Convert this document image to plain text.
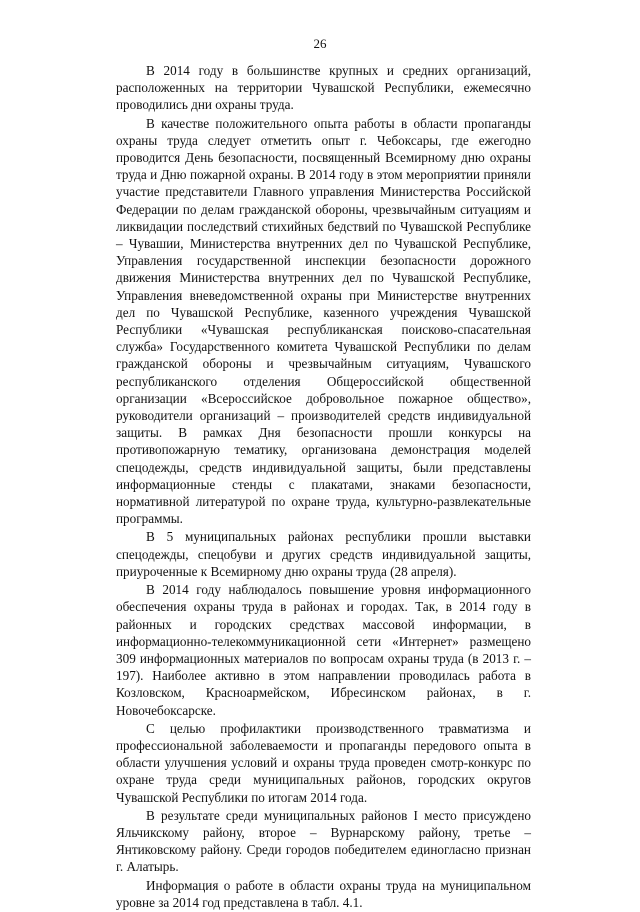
26

В 2014 году в большинстве крупных и средних организаций, расположенных на территории Чувашской Республики, ежемесячно проводились дни охраны труда.

В качестве положительного опыта работы в области пропаганды охраны труда следует отметить опыт г. Чебоксары, где ежегодно проводится День безопасности, посвященный Всемирному дню охраны труда и Дню пожарной охраны. В 2014 году в этом мероприятии приняли участие представители Главного управления Министерства Российской Федерации по делам гражданской обороны, чрезвычайным ситуациям и ликвидации последствий стихийных бедствий по Чувашской Республике – Чувашии, Министерства внутренних дел по Чувашской Республике, Управления государственной инспекции безопасности дорожного движения Министерства внутренних дел по Чувашской Республике, Управления вневедомственной охраны при Министерстве внутренних дел по Чувашской Республике, казенного учреждения Чувашской Республики «Чувашская республиканская поисково-спасательная служба» Государственного комитета Чувашской Республики по делам гражданской обороны и чрезвычайным ситуациям, Чувашского республиканского отделения Общероссийской общественной организации «Всероссийское добровольное пожарное общество», руководители организаций – производителей средств индивидуальной защиты. В рамках Дня безопасности прошли конкурсы на противопожарную тематику, организована демонстрация моделей спецодежды, средств индивидуальной защиты, были представлены информационные стенды с плакатами, знаками безопасности, нормативной литературой по охране труда, культурно-развлекательные программы.

В 5 муниципальных районах республики прошли выставки спецодежды, спецобуви и других средств индивидуальной защиты, приуроченные к Всемирному дню охраны труда (28 апреля).

В 2014 году наблюдалось повышение уровня информационного обеспечения охраны труда в районах и городах. Так, в 2014 году в районных и городских средствах массовой информации, в информационно-телекоммуникационной сети «Интернет» размещено 309 информационных материалов по вопросам охраны труда (в 2013 г. – 197). Наиболее активно в этом направлении проводилась работа в Козловском, Красноармейском, Ибресинском районах, в г. Новочебоксарске.

С целью профилактики производственного травматизма и профессиональной заболеваемости и пропаганды передового опыта в области улучшения условий и охраны труда проведен смотр-конкурс по охране труда среди муниципальных районов, городских округов Чувашской Республики по итогам 2014 года.

В результате среди муниципальных районов I место присуждено Яльчикскому району, второе – Вурнарскому району, третье – Янтиковскому району. Среди городов победителем единогласно признан г. Алатырь.

Информация о работе в области охраны труда на муниципальном уровне за 2014 год представлена в табл. 4.1.
